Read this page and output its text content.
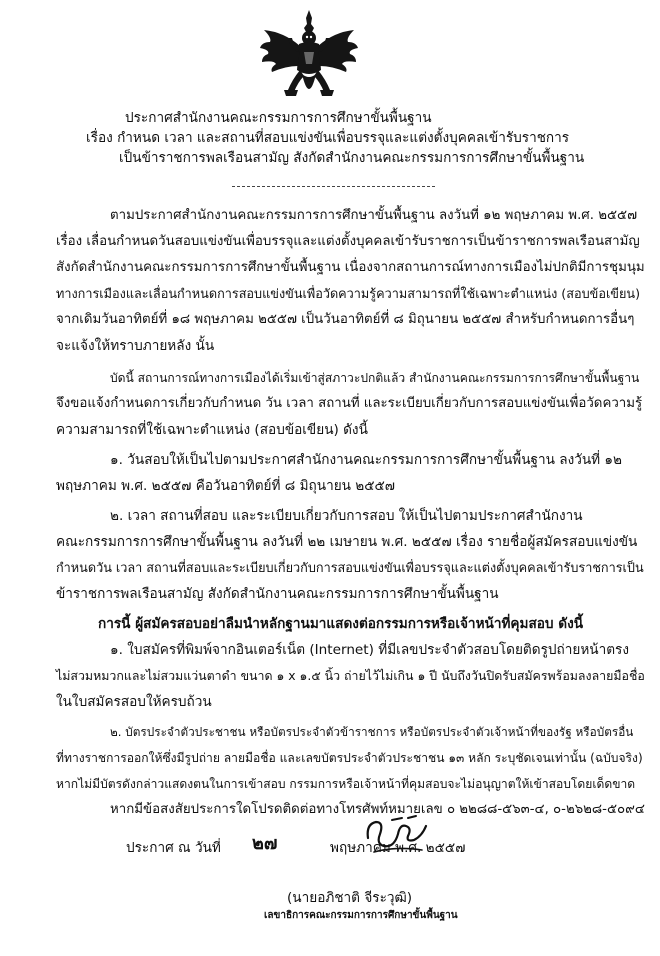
ประกาศสำนักงานคณะกรรมการการศึกษาขั้นพื้นฐาน
เรื่อง กำหนด เวลา และสถานที่สอบแข่งขันเพื่อบรรจุและแต่งตั้งบุคคลเข้ารับราชการ
เป็นข้าราชการพลเรือนสามัญ สังกัดสำนักงานคณะกรรมการการศึกษาขั้นพื้นฐาน
ตามประกาศสำนักงานคณะกรรมการการศึกษาขั้นพื้นฐาน ลงวันที่ ๑๒ พฤษภาคม พ.ศ. ๒๕๕๗
เรื่อง เลื่อนกำหนดวันสอบแข่งขันเพื่อบรรจุและแต่งตั้งบุคคลเข้ารับราชการเป็นข้าราชการพลเรือนสามัญ
สังกัดสำนักงานคณะกรรมการการศึกษาขั้นพื้นฐาน เนื่องจากสถานการณ์ทางการเมืองไม่ปกติมีการชุมนุม
ทางการเมืองและเลื่อนกำหนดการสอบแข่งขันเพื่อวัดความรู้ความสามารถที่ใช้เฉพาะตำแหน่ง (สอบข้อเขียน)
จากเดิมวันอาทิตย์ที่ ๑๘ พฤษภาคม ๒๕๕๗ เป็นวันอาทิตย์ที่ ๘ มิถุนายน ๒๕๕๗ สำหรับกำหนดการอื่นๆ
จะแจ้งให้ทราบภายหลัง นั้น
บัดนี้ สถานการณ์ทางการเมืองได้เริ่มเข้าสู่สภาวะปกติแล้ว สำนักงานคณะกรรมการการศึกษาขั้นพื้นฐาน
จึงขอแจ้งกำหนดการเกี่ยวกับกำหนด วัน เวลา สถานที่ และระเบียบเกี่ยวกับการสอบแข่งขันเพื่อวัดความรู้
ความสามารถที่ใช้เฉพาะตำแหน่ง (สอบข้อเขียน) ดังนี้
๑. วันสอบให้เป็นไปตามประกาศสำนักงานคณะกรรมการการศึกษาขั้นพื้นฐาน ลงวันที่ ๑๒
พฤษภาคม พ.ศ. ๒๕๕๗ คือวันอาทิตย์ที่ ๘ มิถุนายน ๒๕๕๗
๒. เวลา สถานที่สอบ และระเบียบเกี่ยวกับการสอบ ให้เป็นไปตามประกาศสำนักงาน
คณะกรรมการการศึกษาขั้นพื้นฐาน ลงวันที่ ๒๒ เมษายน พ.ศ. ๒๕๕๗ เรื่อง รายชื่อผู้สมัครสอบแข่งขัน
กำหนดวัน เวลา สถานที่สอบและระเบียบเกี่ยวกับการสอบแข่งขันเพื่อบรรจุและแต่งตั้งบุคคลเข้ารับราชการเป็น
ข้าราชการพลเรือนสามัญ สังกัดสำนักงานคณะกรรมการการศึกษาขั้นพื้นฐาน
การนี้ ผู้สมัครสอบอย่าลืมนำหลักฐานมาแสดงต่อกรรมการหรือเจ้าหน้าที่คุมสอบ ดังนี้
๑. ใบสมัครที่พิมพ์จากอินเตอร์เน็ต (Internet) ที่มีเลขประจำตัวสอบโดยติดรูปถ่ายหน้าตรง
ไม่สวมหมวกและไม่สวมแว่นตาดำ ขนาด ๑ x ๑.๕ นิ้ว ถ่ายไว้ไม่เกิน ๑ ปี นับถึงวันปิดรับสมัครพร้อมลงลายมือชื่อ
ในใบสมัครสอบให้ครบถ้วน
๒. บัตรประจำตัวประชาชน หรือบัตรประจำตัวข้าราชการ หรือบัตรประจำตัวเจ้าหน้าที่ของรัฐ หรือบัตรอื่น
ที่ทางราชการออกให้ซึ่งมีรูปถ่าย ลายมือชื่อ และเลขบัตรประจำตัวประชาชน ๑๓ หลัก ระบุชัดเจนเท่านั้น (ฉบับจริง)
หากไม่มีบัตรดังกล่าวแสดงตนในการเข้าสอบ กรรมการหรือเจ้าหน้าที่คุมสอบจะไม่อนุญาตให้เข้าสอบโดยเด็ดขาด
หากมีข้อสงสัยประการใดโปรดติดต่อทางโทรศัพท์หมายเลข ๐ ๒๒๘๘-๕๖๓-๔, ๐-๒๖๒๘-๕๐๙๔
ประกาศ ณ วันที่ ๒๗	พฤษภาคม พ.ศ. ๒๕๕๗
(นายอภิชาติ จีระวุฒิ)
เลขาธิการคณะกรรมการการศึกษาขั้นพื้นฐาน
